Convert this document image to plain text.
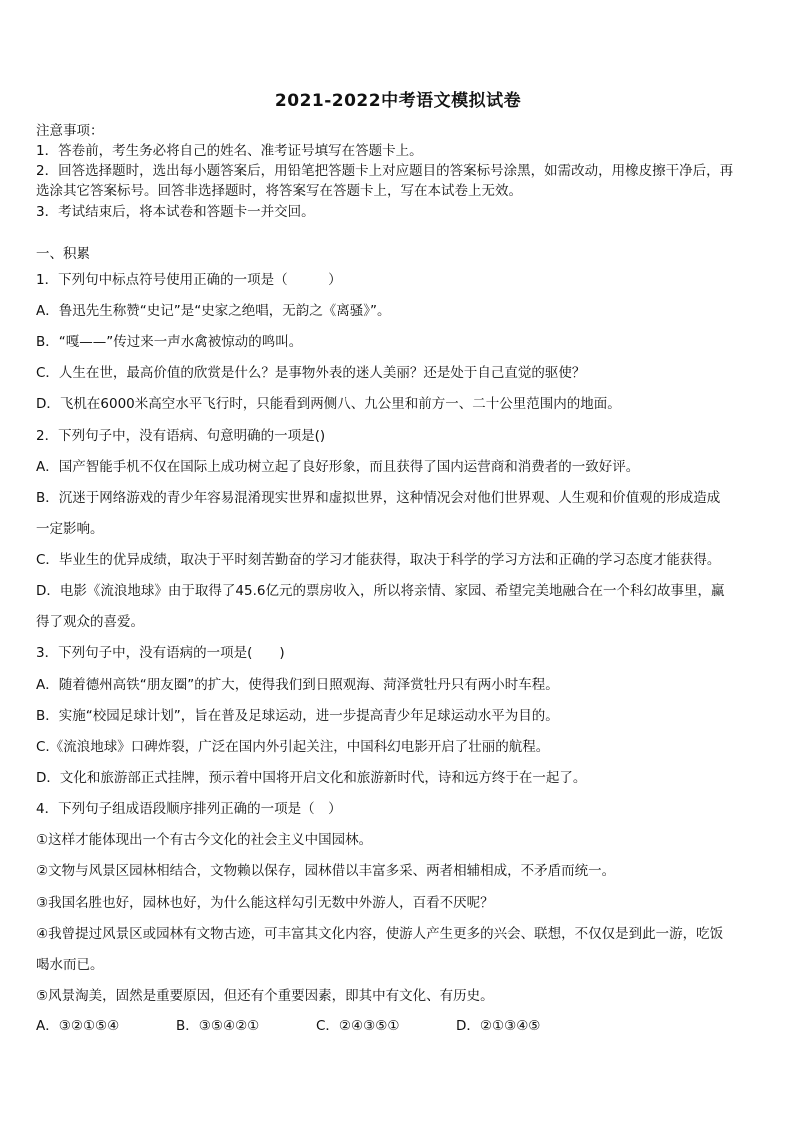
2021-2022中考语文模拟试卷
注意事项：
1．答卷前，考生务必将自己的姓名、准考证号填写在答题卡上。
2．回答选择题时，选出每小题答案后，用铅笔把答题卡上对应题目的答案标号涂黑，如需改动，用橡皮擦干净后，再
选涂其它答案标号。回答非选择题时，将答案写在答题卡上，写在本试卷上无效。
3．考试结束后，将本试卷和答题卡一并交回。
一、积累
1．下列句中标点符号使用正确的一项是（　　　）
A．鲁迅先生称赞“史记”是“史家之绝唱，无韵之《离骚》”。
B．“嘎——”传过来一声水禽被惊动的鸣叫。
C．人生在世，最高价值的欣赏是什么？是事物外表的迷人美丽？还是处于自己直觉的驱使？
D．飞机在6000米高空水平飞行时，只能看到两侧八、九公里和前方一、二十公里范围内的地面。
2．下列句子中，没有语病、句意明确的一项是()
A．国产智能手机不仅在国际上成功树立起了良好形象，而且获得了国内运营商和消费者的一致好评。
B．沉迷于网络游戏的青少年容易混淆现实世界和虚拟世界，这种情况会对他们世界观、人生观和价值观的形成造成
一定影响。
C．毕业生的优异成绩，取决于平时刻苦勤奋的学习才能获得，取决于科学的学习方法和正确的学习态度才能获得。
D．电影《流浪地球》由于取得了45.6亿元的票房收入，所以将亲情、家园、希望完美地融合在一个科幻故事里，赢
得了观众的喜爱。
3．下列句子中，没有语病的一项是(　　)
A．随着德州高铁“朋友圈”的扩大，使得我们到日照观海、菏泽赏牡丹只有两小时车程。
B．实施“校园足球计划”，旨在普及足球运动，进一步提高青少年足球运动水平为目的。
C.《流浪地球》口碑炸裂，广泛在国内外引起关注，中国科幻电影开启了壮丽的航程。
D．文化和旅游部正式挂牌，预示着中国将开启文化和旅游新时代，诗和远方终于在一起了。
4．下列句子组成语段顺序排列正确的一项是（　）
①这样才能体现出一个有古今文化的社会主义中国园林。
②文物与风景区园林相结合，文物赖以保存，园林借以丰富多采、两者相辅相成，不矛盾而统一。
③我国名胜也好，园林也好，为什么能这样勾引无数中外游人，百看不厌呢？
④我曾提过风景区或园林有文物古迹，可丰富其文化内容，使游人产生更多的兴会、联想，不仅仅是到此一游，吃饭
喝水而已。
⑤风景淘美，固然是重要原因，但还有个重要因素，即其中有文化、有历史。
A．③②①⑤④	B．③⑤④②①	C．②④③⑤①	D．②①③④⑤
